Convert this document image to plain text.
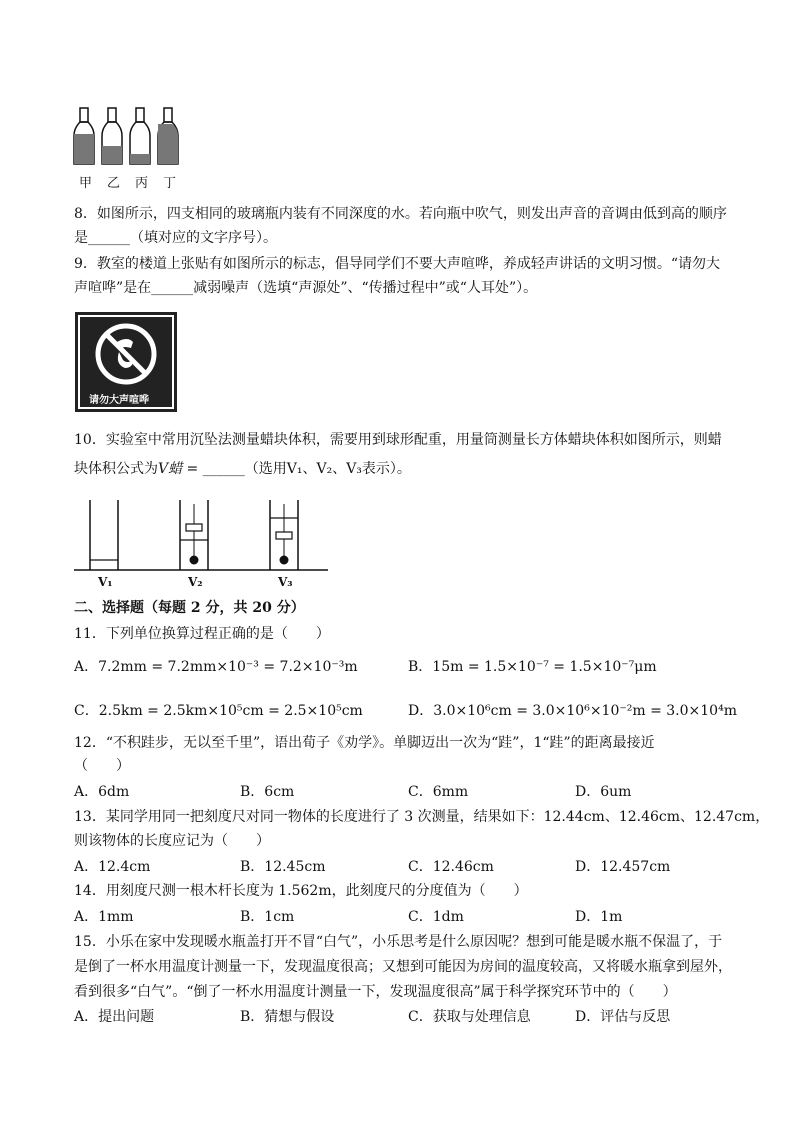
甲 乙 丙 丁
8．如图所示，四支相同的玻璃瓶内装有不同深度的水。若向瓶中吹气，则发出声音的音调由低到高的顺序
是______（填对应的文字序号）。
9．教室的楼道上张贴有如图所示的标志，倡导同学们不要大声喧哗，养成轻声讲话的文明习惯。“请勿大
声喧哗”是在______减弱噪声（选填“声源处”、“传播过程中”或“人耳处”）。
请勿大声喧哗
10．实验室中常用沉坠法测量蜡块体积，需要用到球形配重，用量筒测量长方体蜡块体积如图所示，则蜡
块体积公式为V蜡 = ______（选用V₁、V₂、V₃表示）。
V₁	V₂	V₃
二、选择题（每题 2 分，共 20 分）
11．下列单位换算过程正确的是（　　）
A．7.2mm = 7.2mm×10⁻³ = 7.2×10⁻³m	B．15m = 1.5×10⁻⁷ = 1.5×10⁻⁷μm
C．2.5km = 2.5km×10⁵cm = 2.5×10⁵cm	D．3.0×10⁶cm = 3.0×10⁶×10⁻²m = 3.0×10⁴m
12．“不积跬步，无以至千里”，语出荀子《劝学》。单脚迈出一次为“跬”，1“跬”的距离最接近
（　　）
A．6dm	B．6cm	C．6mm	D．6um
13．某同学用同一把刻度尺对同一物体的长度进行了 3 次测量，结果如下：12.44cm、12.46cm、12.47cm，
则该物体的长度应记为（　　）
A．12.4cm	B．12.45cm	C．12.46cm	D．12.457cm
14．用刻度尺测一根木杆长度为 1.562m，此刻度尺的分度值为（　　）
A．1mm	B．1cm	C．1dm	D．1m
15．小乐在家中发现暖水瓶盖打开不冒“白气”，小乐思考是什么原因呢？想到可能是暖水瓶不保温了，于
是倒了一杯水用温度计测量一下，发现温度很高；又想到可能因为房间的温度较高，又将暖水瓶拿到屋外，
看到很多“白气”。“倒了一杯水用温度计测量一下，发现温度很高”属于科学探究环节中的（　　）
A．提出问题	B．猜想与假设	C．获取与处理信息	D．评估与反思
